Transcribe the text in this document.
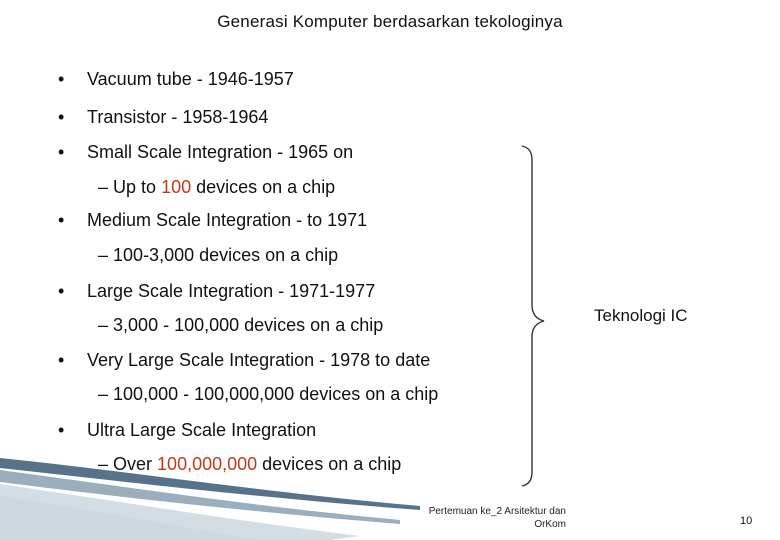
Generasi Komputer berdasarkan tekologinya
• Vacuum tube - 1946-1957
• Transistor - 1958-1964
• Small Scale Integration - 1965 on
– Up to 100 devices on a chip
• Medium Scale Integration - to 1971
– 100-3,000 devices on a chip
• Large Scale Integration - 1971-1977
– 3,000 - 100,000 devices on a chip
• Very Large Scale Integration - 1978 to date
– 100,000 - 100,000,000 devices on a chip
• Ultra Large Scale Integration
– Over 100,000,000 devices on a chip
Teknologi IC
Pertemuan ke_2 Arsitektur dan
OrKom	10
